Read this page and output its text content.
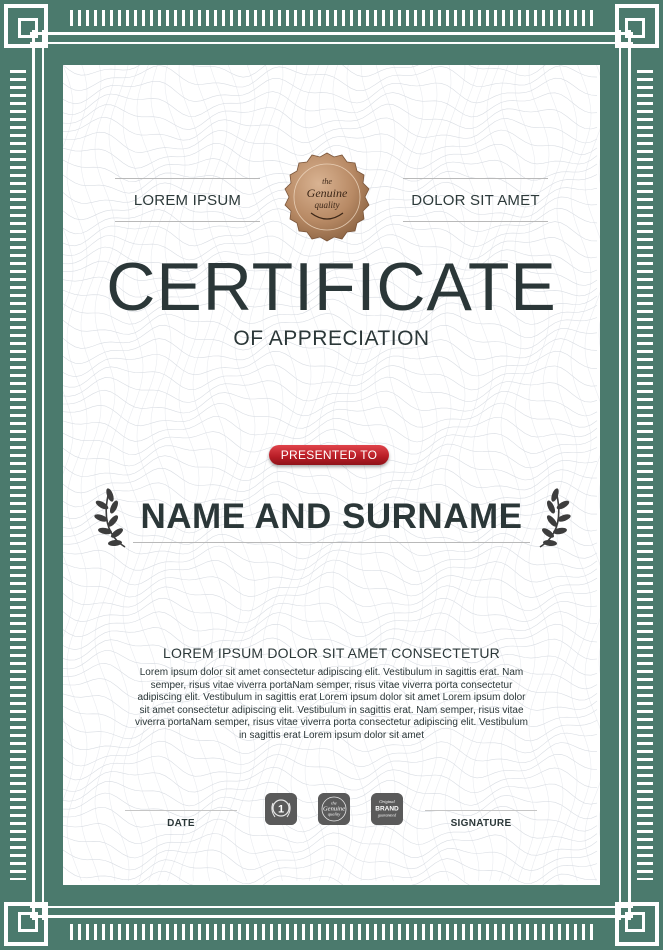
LOREM IPSUM	DOLOR SIT AMET
the
Genuine
quality
CERTIFICATE
OF APPRECIATION
PRESENTED TO
NAME AND SURNAME
LOREM IPSUM DOLOR SIT AMET CONSECTETUR
Lorem ipsum dolor sit amet consectetur adipiscing elit. Vestibulum in sagittis erat. Nam semper, risus vitae viverra portaNam semper, risus vitae viverra porta consectetur adipiscing elit. Vestibulum in sagittis erat Lorem ipsum dolor sit amet Lorem ipsum dolor sit amet consectetur adipiscing elit. Vestibulum in sagittis erat. Nam semper, risus vitae viverra portaNam semper, risus vitae viverra porta consectetur adipiscing elit. Vestibulum in sagittis erat Lorem ipsum dolor sit amet
DATE	SIGNATURE
1
the
Genuine
quality
Original
BRAND
guaranteed
